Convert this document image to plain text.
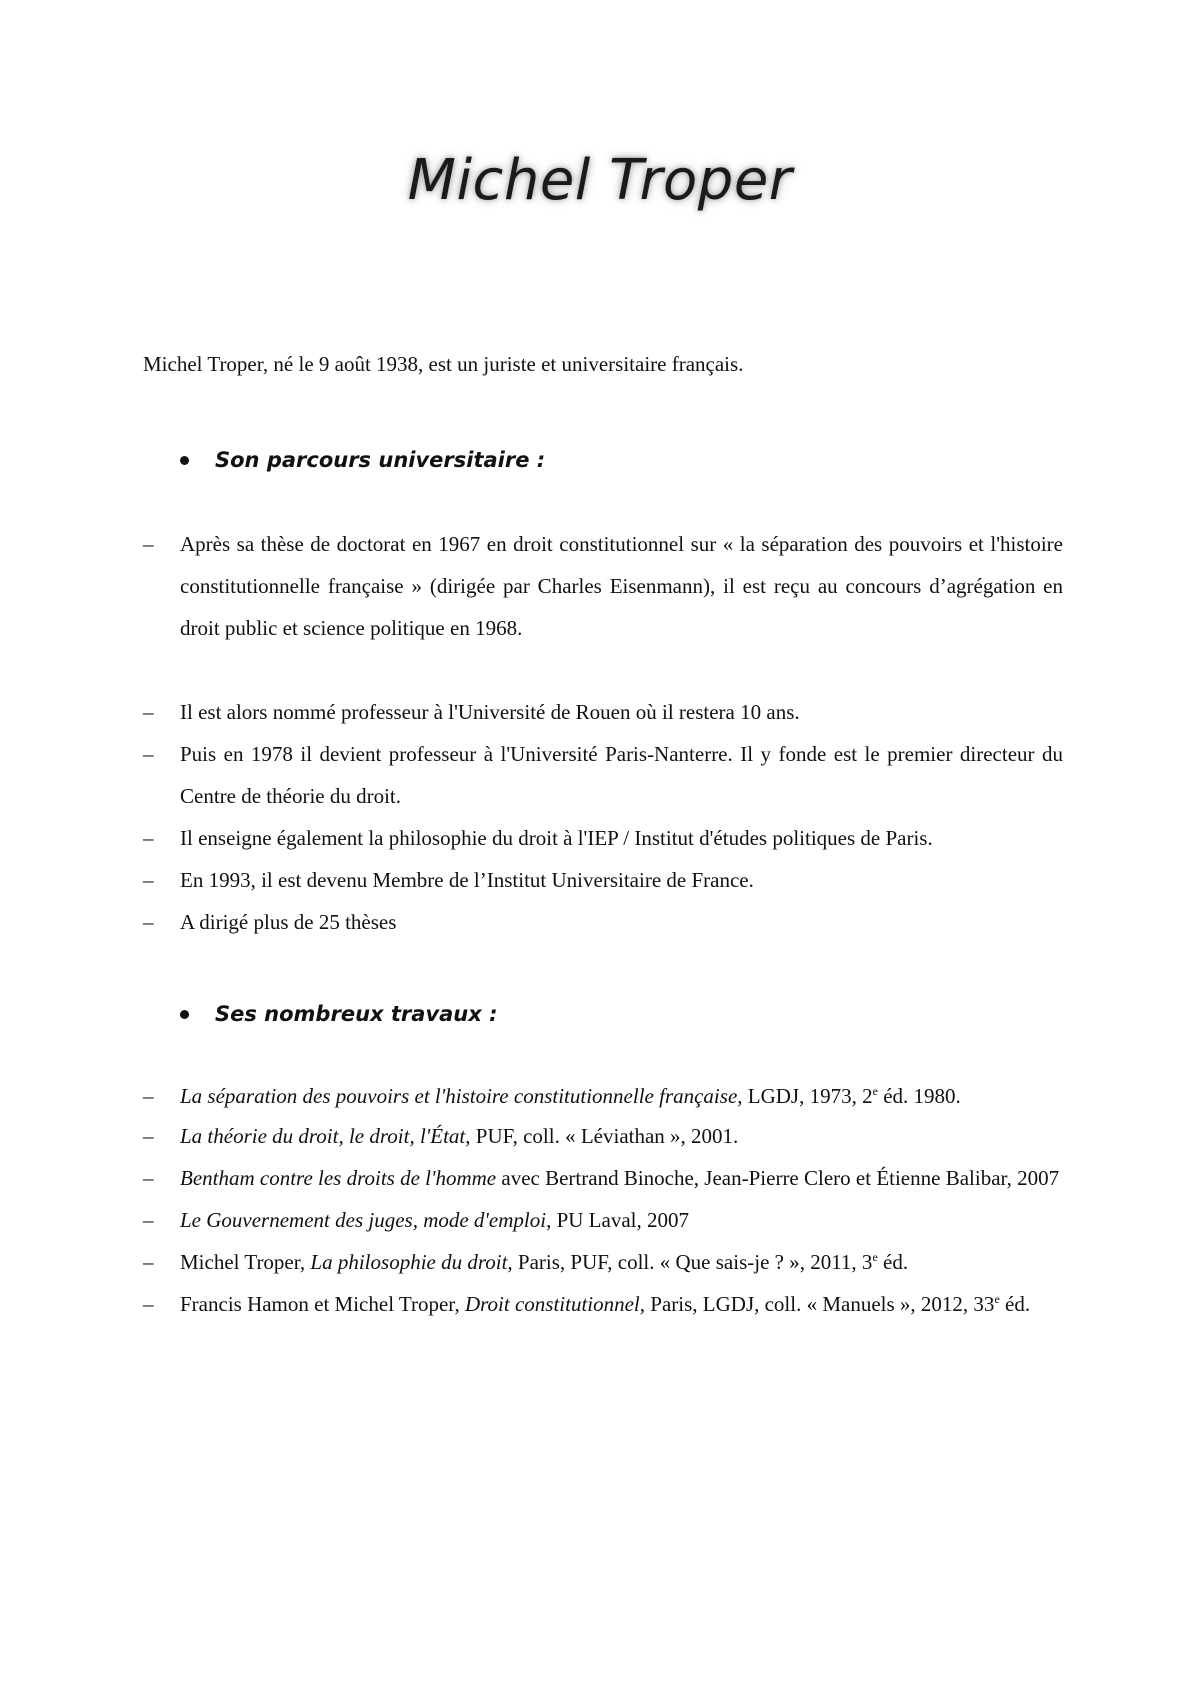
Michel Troper
Michel Troper, né le 9 août 1938, est un juriste et universitaire français.
Son parcours universitaire :
–
Après sa thèse de doctorat en 1967 en droit constitutionnel sur « la séparation des pouvoirs et l'histoire constitutionnelle française » (dirigée par Charles Eisenmann), il est reçu au concours d’agrégation en droit public et science politique en 1968.
–
Il est alors nommé professeur à l'Université de Rouen où il restera 10 ans.
–
Puis en 1978 il devient professeur à l'Université Paris-Nanterre. Il y fonde est le premier directeur du Centre de théorie du droit.
–
Il enseigne également la philosophie du droit à l'IEP / Institut d'études politiques de Paris.
–
En 1993, il est devenu Membre de l’Institut Universitaire de France.
–
A dirigé plus de 25 thèses
Ses nombreux travaux :
–
La séparation des pouvoirs et l'histoire constitutionnelle française, LGDJ, 1973, 2e éd. 1980.
–
La théorie du droit, le droit, l'État, PUF, coll. « Léviathan », 2001.
–
Bentham contre les droits de l'homme avec Bertrand Binoche, Jean-Pierre Clero et Étienne Balibar, 2007
–
Le Gouvernement des juges, mode d'emploi, PU Laval, 2007
–
Michel Troper, La philosophie du droit, Paris, PUF, coll. « Que sais-je ? », 2011, 3e éd.
–
Francis Hamon et Michel Troper, Droit constitutionnel, Paris, LGDJ, coll. « Manuels », 2012, 33e éd.
